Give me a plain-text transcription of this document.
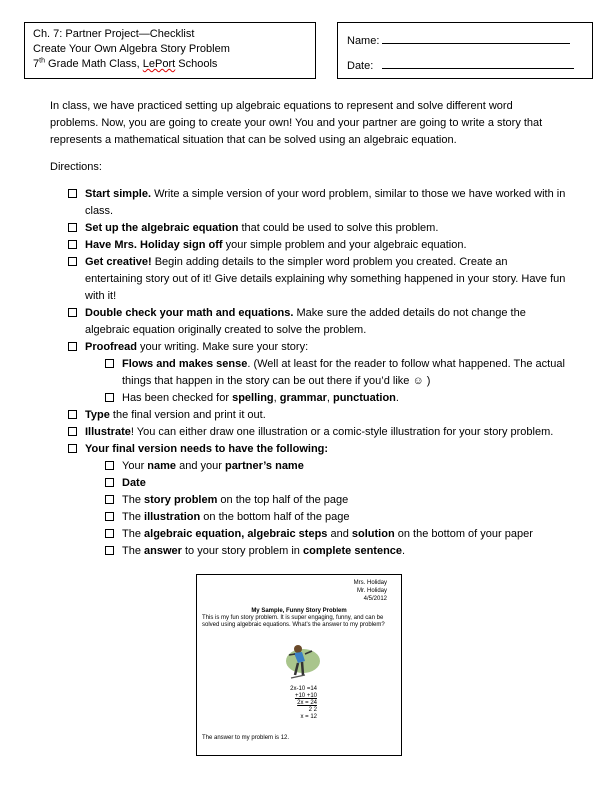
Ch. 7: Partner Project—Checklist
Create Your Own Algebra Story Problem
7th Grade Math Class, LePort Schools
Name:
Date:
In class, we have practiced setting up algebraic equations to represent and solve different word problems. Now, you are going to create your own! You and your partner are going to write a story that represents a mathematical situation that can be solved using an algebraic equation.
Directions:
Start simple. Write a simple version of your word problem, similar to those we have worked with in class.
Set up the algebraic equation that could be used to solve this problem.
Have Mrs. Holiday sign off your simple problem and your algebraic equation.
Get creative! Begin adding details to the simpler word problem you created. Create an entertaining story out of it! Give details explaining why something happened in your story. Have fun with it!
Double check your math and equations. Make sure the added details do not change the algebraic equation originally created to solve the problem.
Proofread your writing. Make sure your story:
Flows and makes sense. (Well at least for the reader to follow what happened. The actual things that happen in the story can be out there if you’d like ☺ )
Has been checked for spelling, grammar, punctuation.
Type the final version and print it out.
Illustrate! You can either draw one illustration or a comic-style illustration for your story problem.
Your final version needs to have the following:
Your name and your partner’s name
Date
The story problem on the top half of the page
The illustration on the bottom half of the page
The algebraic equation, algebraic steps and solution on the bottom of your paper
The answer to your story problem in complete sentence.
Mrs. Holiday
Mr. Holiday
4/5/2012
My Sample, Funny Story Problem
This is my fun story problem. It is super engaging, funny, and can be solved using algebraic equations. What’s the answer to my problem?
2x-10 =14
+10 +10
2x = 24
2 2
x = 12
The answer to my problem is 12.
